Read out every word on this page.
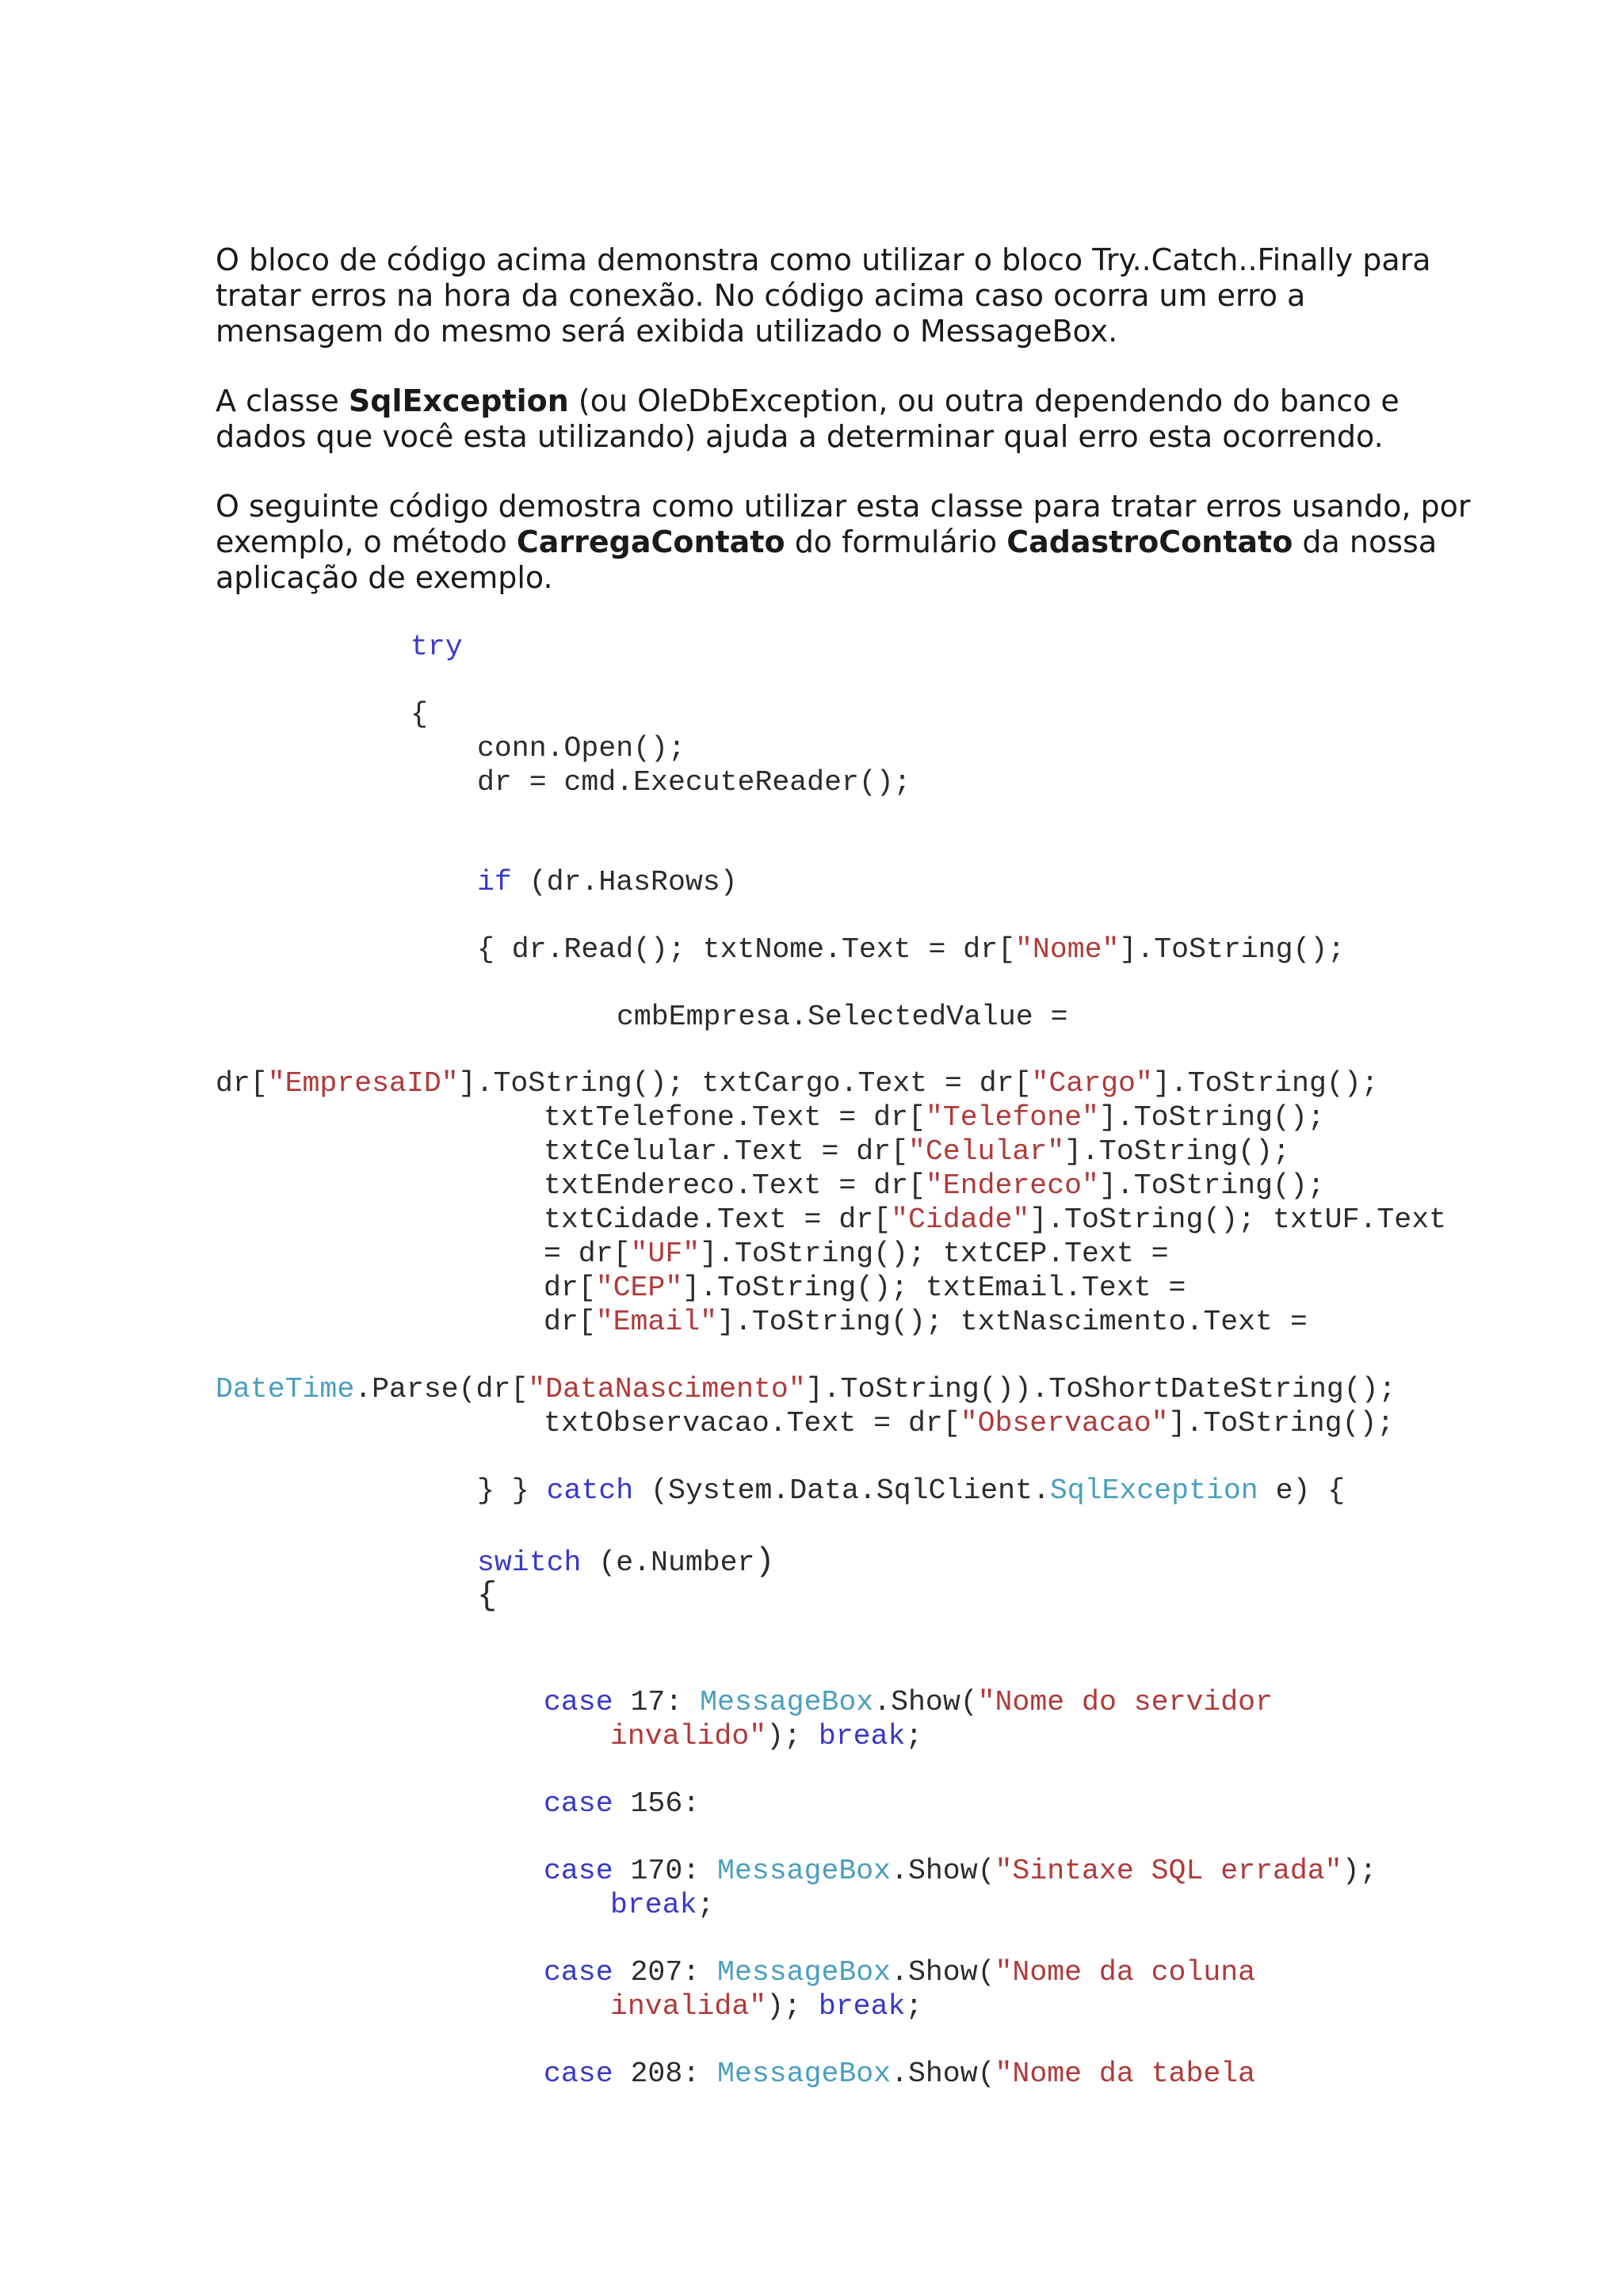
O bloco de código acima demonstra como utilizar o bloco Try..Catch..Finally para
tratar erros na hora da conexão. No código acima caso ocorra um erro a
mensagem do mesmo será exibida utilizado o MessageBox.

A classe SqlException (ou OleDbException, ou outra dependendo do banco e
dados que você esta utilizando) ajuda a determinar qual erro esta ocorrendo.

O seguinte código demostra como utilizar esta classe para tratar erros usando, por
exemplo, o método CarregaContato do formulário CadastroContato da nossa
aplicação de exemplo.

try
{
conn.Open();
dr = cmd.ExecuteReader();
if (dr.HasRows)
{ dr.Read(); txtNome.Text = dr["Nome"].ToString();
cmbEmpresa.SelectedValue =
dr["EmpresaID"].ToString(); txtCargo.Text = dr["Cargo"].ToString();
txtTelefone.Text = dr["Telefone"].ToString();
txtCelular.Text = dr["Celular"].ToString();
txtEndereco.Text = dr["Endereco"].ToString();
txtCidade.Text = dr["Cidade"].ToString(); txtUF.Text
= dr["UF"].ToString(); txtCEP.Text =
dr["CEP"].ToString(); txtEmail.Text =
dr["Email"].ToString(); txtNascimento.Text =
DateTime.Parse(dr["DataNascimento"].ToString()).ToShortDateString();
txtObservacao.Text = dr["Observacao"].ToString();
} } catch (System.Data.SqlClient.SqlException e) {
switch (e.Number)
{
case 17: MessageBox.Show("Nome do servidor
invalido"); break;
case 156:
case 170: MessageBox.Show("Sintaxe SQL errada");
break;
case 207: MessageBox.Show("Nome da coluna
invalida"); break;
case 208: MessageBox.Show("Nome da tabela
